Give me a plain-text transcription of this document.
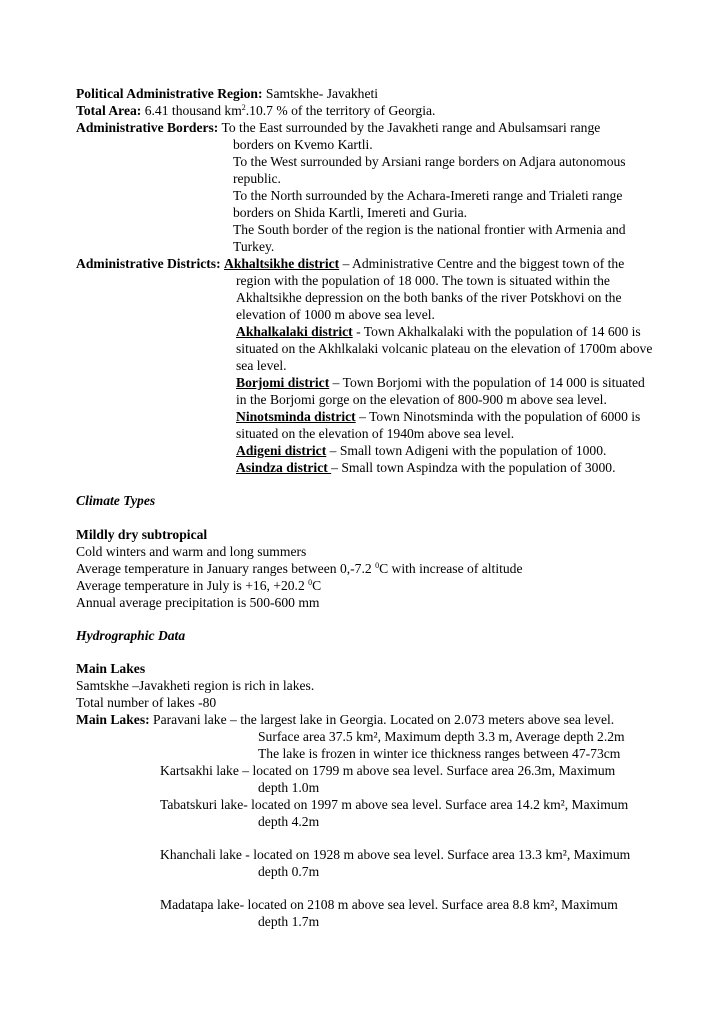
Political Administrative Region: Samtskhe- Javakheti
Total Area: 6.41 thousand $km^2.10.7$ % of the territory of Georgia.
Administrative Borders: To the East surrounded by the Javakheti range and Abulsamsari range
borders on Kvemo Kartli.
To the West surrounded by Arsiani range borders on Adjara autonomous
republic.
To the North surrounded by the Achara-Imereti range and Trialeti range
borders on Shida Kartli, Imereti and Guria.
The South border of the region is the national frontier with Armenia and
Turkey.
Administrative Districts: Akhaltsikhe district – Administrative Centre and the biggest town of the
region with the population of 18 000. The town is situated within the
Akhaltsikhe depression on the both banks of the river Potskhovi on the
elevation of 1000 m above sea level.
Akhalkalaki district - Town Akhalkalaki with the population of 14 600 is
situated on the Akhlkalaki volcanic plateau on the elevation of 1700m above
sea level.
Borjomi district – Town Borjomi with the population of 14 000 is situated
in the Borjomi gorge on the elevation of 800-900 m above sea level.
Ninotsminda district – Town Ninotsminda with the population of 6000 is
situated on the elevation of 1940m above sea level.
Adigeni district – Small town Adigeni with the population of 1000.
Asindza district – Small town Aspindza with the population of 3000.
Climate Types
Mildly dry subtropical
Cold winters and warm and long summers
Average temperature in January ranges between 0,-7.2 $^0$C with increase of altitude
Average temperature in July is +16, +20.2 $^0$C
Annual average precipitation is 500-600 mm
Hydrographic Data
Main Lakes
Samtskhe –Javakheti region is rich in lakes.
Total number of lakes -80
Main Lakes: Paravani lake – the largest lake in Georgia. Located on 2.073 meters above sea level.
Surface area 37.5 km², Maximum depth 3.3 m, Average depth 2.2m
The lake is frozen in winter ice thickness ranges between 47-73cm
Kartsakhi lake – located on 1799 m above sea level. Surface area 26.3m, Maximum
depth 1.0m
Tabatskuri lake- located on 1997 m above sea level. Surface area 14.2 km², Maximum
depth 4.2m
Khanchali lake - located on 1928 m above sea level. Surface area 13.3 km², Maximum
depth 0.7m
Madatapa lake- located on 2108 m above sea level. Surface area 8.8 km², Maximum
depth 1.7m
